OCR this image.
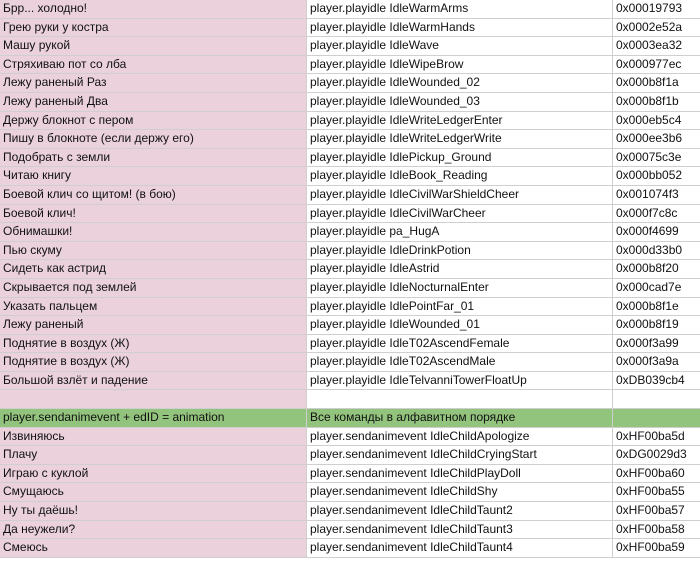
Брр... холодно!	player.playidle IdleWarmArms	0x00019793
Грею руки у костра	player.playidle IdleWarmHands	0x0002e52a
Машу рукой	player.playidle IdleWave	0x0003ea32
Стряхиваю пот со лба	player.playidle IdleWipeBrow	0x000977ec
Лежу раненый Раз	player.playidle IdleWounded_02	0x000b8f1a
Лежу раненый Два	player.playidle IdleWounded_03	0x000b8f1b
Держу блокнот с пером	player.playidle IdleWriteLedgerEnter	0x000eb5c4
Пишу в блокноте (если держу его)	player.playidle IdleWriteLedgerWrite	0x000ee3b6
Подобрать с земли	player.playidle IdlePickup_Ground	0x00075c3e
Читаю книгу	player.playidle IdleBook_Reading	0x000bb052
Боевой клич со щитом! (в бою)	player.playidle IdleCivilWarShieldCheer	0x001074f3
Боевой клич!	player.playidle IdleCivilWarCheer	0x000f7c8c
Обнимашки!	player.playidle pa_HugA	0x000f4699
Пью скуму	player.playidle IdleDrinkPotion	0x000d33b0
Сидеть как астрид	player.playidle IdleAstrid	0x000b8f20
Скрывается под землей	player.playidle IdleNocturnalEnter	0x000cad7e
Указать пальцем	player.playidle IdlePointFar_01	0x000b8f1e
Лежу раненый	player.playidle IdleWounded_01	0x000b8f19
Поднятие в воздух (Ж)	player.playidle IdleT02AscendFemale	0x000f3a99
Поднятие в воздух (Ж)	player.playidle IdleT02AscendMale	0x000f3a9a
Большой взлёт и падение	player.playidle IdleTelvanniTowerFloatUp	0xDB039cb4
player.sendanimevent + edID = animation	Все команды в алфавитном порядке
Извиняюсь	player.sendanimevent IdleChildApologize	0xHF00ba5d
Плачу	player.sendanimevent IdleChildCryingStart	0xDG0029d3
Играю с куклой	player.sendanimevent IdleChildPlayDoll	0xHF00ba60
Смущаюсь	player.sendanimevent IdleChildShy	0xHF00ba55
Ну ты даёшь!	player.sendanimevent IdleChildTaunt2	0xHF00ba57
Да неужели?	player.sendanimevent IdleChildTaunt3	0xHF00ba58
Смеюсь	player.sendanimevent IdleChildTaunt4	0xHF00ba59
